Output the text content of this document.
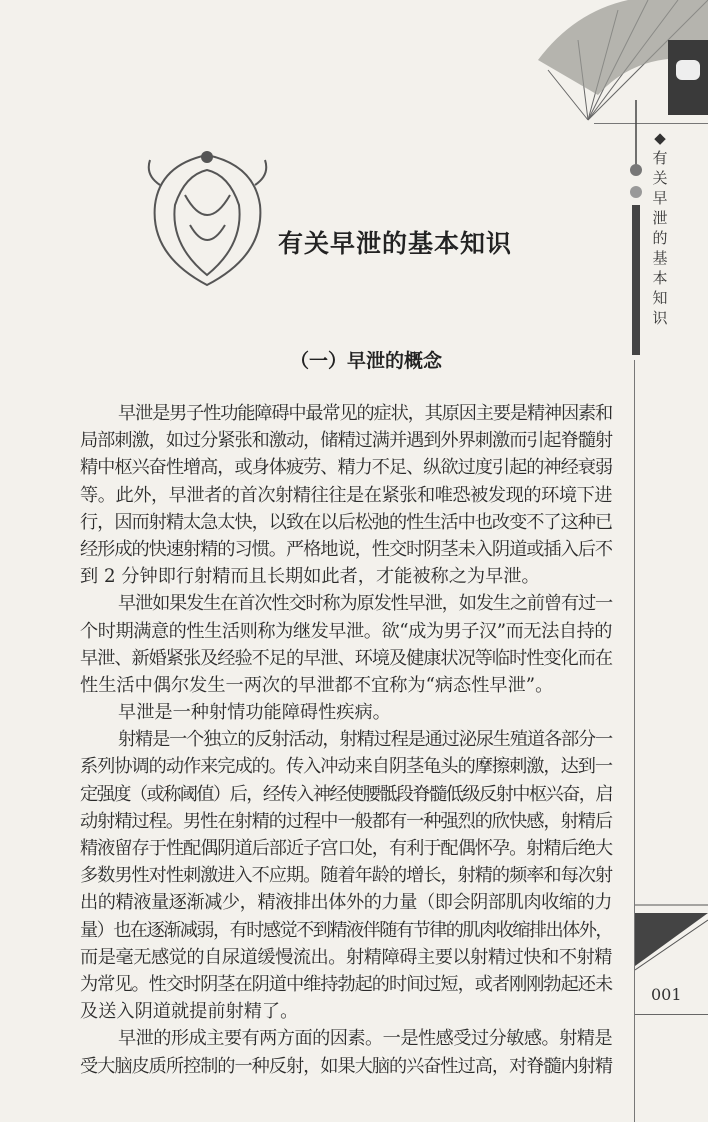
◆
有
关
早
泄
的
基
本
知
识
有关早泄的基本知识
（一）早泄的概念
早泄是男子性功能障碍中最常见的症状，其原因主要是精神因素和
局部刺激，如过分紧张和激动，储精过满并遇到外界刺激而引起脊髓射
精中枢兴奋性增高，或身体疲劳、精力不足、纵欲过度引起的神经衰弱
等。此外，早泄者的首次射精往往是在紧张和唯恐被发现的环境下进
行，因而射精太急太快，以致在以后松弛的性生活中也改变不了这种已
经形成的快速射精的习惯。严格地说，性交时阴茎未入阴道或插入后不
到 2 分钟即行射精而且长期如此者，才能被称之为早泄。
早泄如果发生在首次性交时称为原发性早泄，如发生之前曾有过一
个时期满意的性生活则称为继发早泄。欲“成为男子汉”而无法自持的
早泄、新婚紧张及经验不足的早泄、环境及健康状况等临时性变化而在
性生活中偶尔发生一两次的早泄都不宜称为“病态性早泄”。
早泄是一种射情功能障碍性疾病。
射精是一个独立的反射活动，射精过程是通过泌尿生殖道各部分一
系列协调的动作来完成的。传入冲动来自阴茎龟头的摩擦刺激，达到一
定强度（或称阈值）后，经传入神经使腰骶段脊髓低级反射中枢兴奋，启
动射精过程。男性在射精的过程中一般都有一种强烈的欣快感，射精后
精液留存于性配偶阴道后部近子宫口处，有利于配偶怀孕。射精后绝大
多数男性对性刺激进入不应期。随着年龄的增长，射精的频率和每次射
出的精液量逐渐减少，精液排出体外的力量（即会阴部肌肉收缩的力
量）也在逐渐减弱，有时感觉不到精液伴随有节律的肌肉收缩排出体外，
而是毫无感觉的自尿道缓慢流出。射精障碍主要以射精过快和不射精
为常见。性交时阴茎在阴道中维持勃起的时间过短，或者刚刚勃起还未
及送入阴道就提前射精了。
早泄的形成主要有两方面的因素。一是性感受过分敏感。射精是
受大脑皮质所控制的一种反射，如果大脑的兴奋性过高，对脊髓内射精
001
